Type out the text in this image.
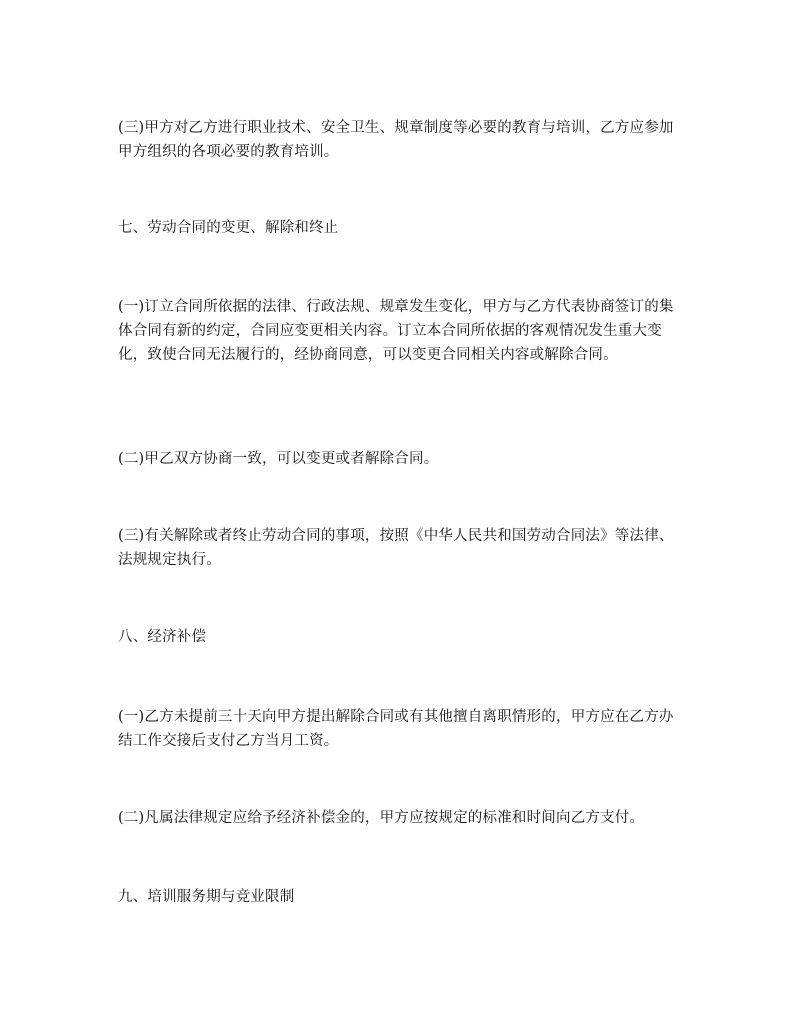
(三)甲方对乙方进行职业技术、安全卫生、规章制度等必要的教育与培训，乙方应参加甲方组织的各项必要的教育培训。

七、劳动合同的变更、解除和终止

(一)订立合同所依据的法律、行政法规、规章发生变化，甲方与乙方代表协商签订的集体合同有新的约定，合同应变更相关内容。订立本合同所依据的客观情况发生重大变化，致使合同无法履行的，经协商同意，可以变更合同相关内容或解除合同。

(二)甲乙双方协商一致，可以变更或者解除合同。

(三)有关解除或者终止劳动合同的事项，按照《中华人民共和国劳动合同法》等法律、法规规定执行。

八、经济补偿

(一)乙方未提前三十天向甲方提出解除合同或有其他擅自离职情形的，甲方应在乙方办结工作交接后支付乙方当月工资。

(二)凡属法律规定应给予经济补偿金的，甲方应按规定的标准和时间向乙方支付。

九、培训服务期与竞业限制
